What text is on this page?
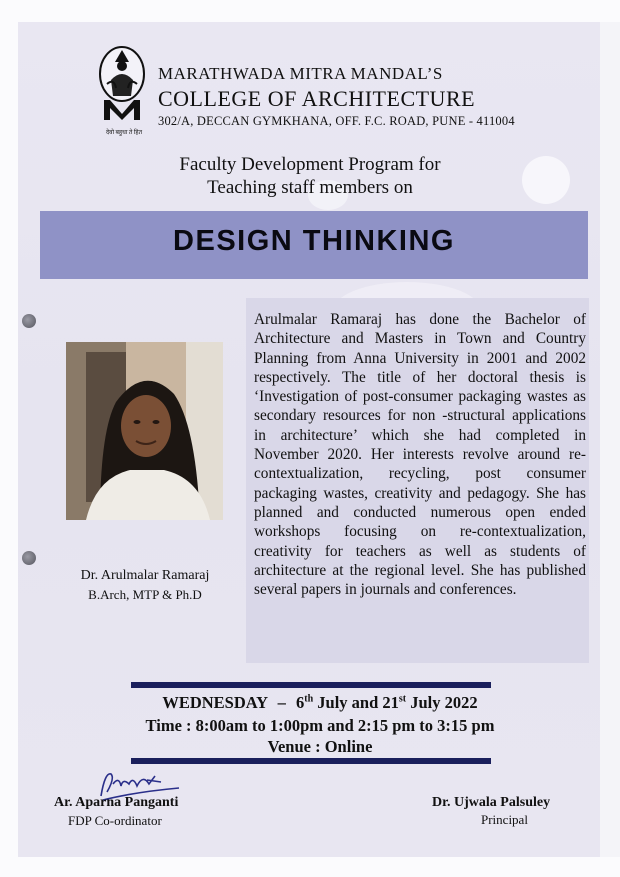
देवो बहुधा ते हित
MARATHWADA MITRA MANDAL’S
COLLEGE OF ARCHITECTURE
302/A, DECCAN GYMKHANA, OFF. F.C. ROAD, PUNE - 411004
Faculty Development Program for
Teaching staff members on
DESIGN THINKING
Arulmalar Ramaraj has done the Bachelor of Architecture and Masters in Town and Country Planning from Anna University in 2001 and 2002 respectively. The title of her doctoral thesis is ‘Investigation of post-consumer packaging wastes as secondary resources for non -structural applications in architecture’ which she had completed in November 2020. Her interests revolve around re-contextualization, recycling, post consumer packaging wastes, creativity and pedagogy. She has planned and conducted numerous open ended workshops focusing on re-contextualization, creativity for teachers as well as students of architecture at the regional level. She has published several papers in journals and conferences.
Dr. Arulmalar Ramaraj
B.Arch, MTP & Ph.D
WEDNESDAY – 6th July and 21st July 2022
Time : 8:00am to 1:00pm and 2:15 pm to 3:15 pm
Venue : Online
Ar. Aparna Panganti
FDP Co-ordinator
Dr. Ujwala Palsuley
Principal
